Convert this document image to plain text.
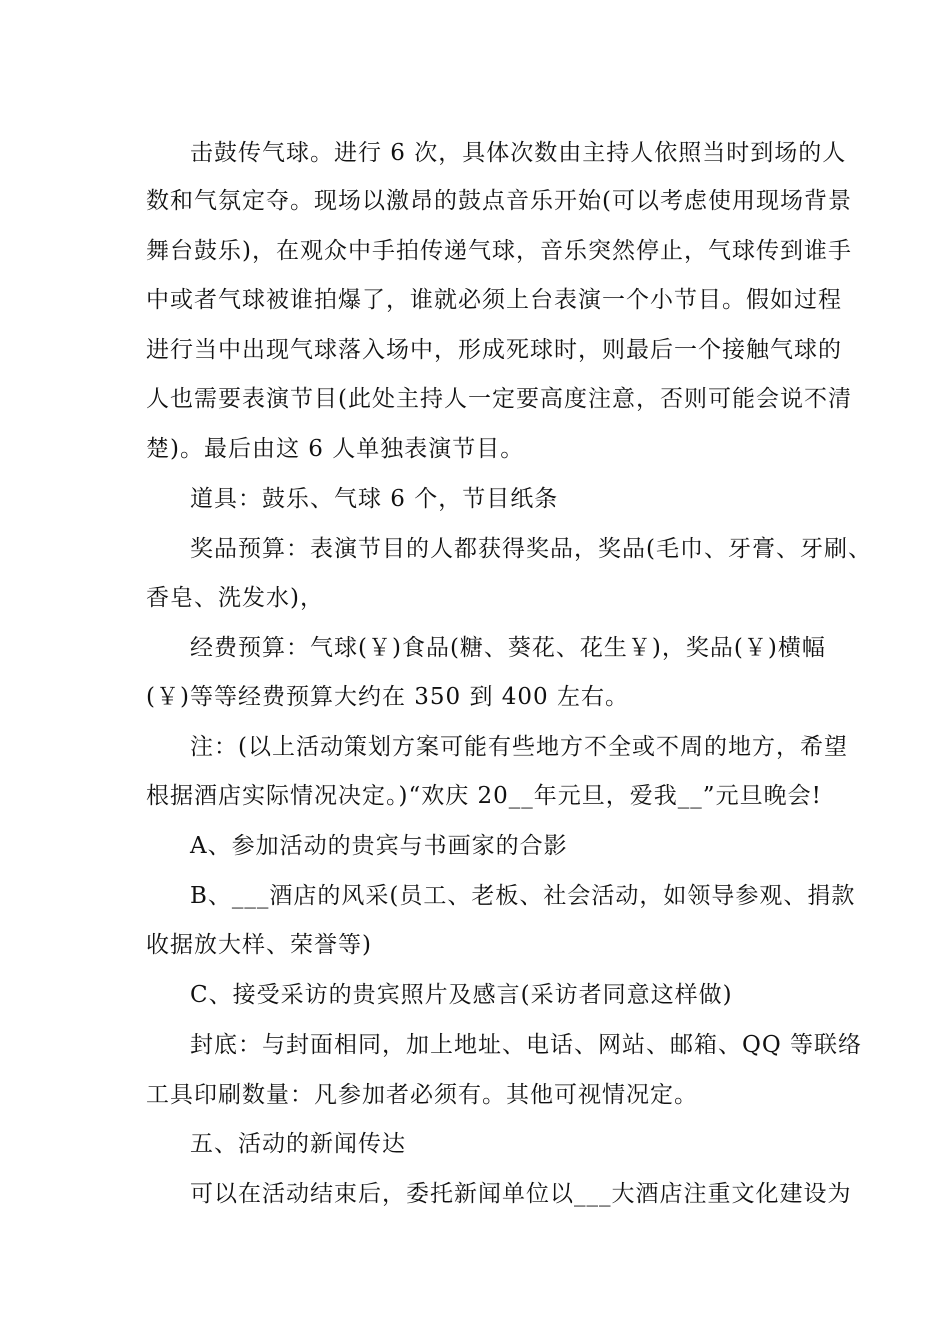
击鼓传气球。进行 6 次，具体次数由主持人依照当时到场的人
数和气氛定夺。现场以激昂的鼓点音乐开始(可以考虑使用现场背景
舞台鼓乐)，在观众中手拍传递气球，音乐突然停止，气球传到谁手
中或者气球被谁拍爆了，谁就必须上台表演一个小节目。假如过程
进行当中出现气球落入场中，形成死球时，则最后一个接触气球的
人也需要表演节目(此处主持人一定要高度注意，否则可能会说不清
楚)。最后由这 6 人单独表演节目。
道具：鼓乐、气球 6 个，节目纸条
奖品预算：表演节目的人都获得奖品，奖品(毛巾、牙膏、牙刷、
香皂、洗发水)，
经费预算：气球(￥)食品(糖、葵花、花生￥)，奖品(￥)横幅
(￥)等等经费预算大约在 350 到 400 左右。
注：(以上活动策划方案可能有些地方不全或不周的地方，希望
根据酒店实际情况决定。)“欢庆 20__年元旦，爱我__”元旦晚会!
A、参加活动的贵宾与书画家的合影
B、___酒店的风采(员工、老板、社会活动，如领导参观、捐款
收据放大样、荣誉等)
C、接受采访的贵宾照片及感言(采访者同意这样做)
封底：与封面相同，加上地址、电话、网站、邮箱、QQ 等联络
工具印刷数量：凡参加者必须有。其他可视情况定。
五、活动的新闻传达
可以在活动结束后，委托新闻单位以___大酒店注重文化建设为
